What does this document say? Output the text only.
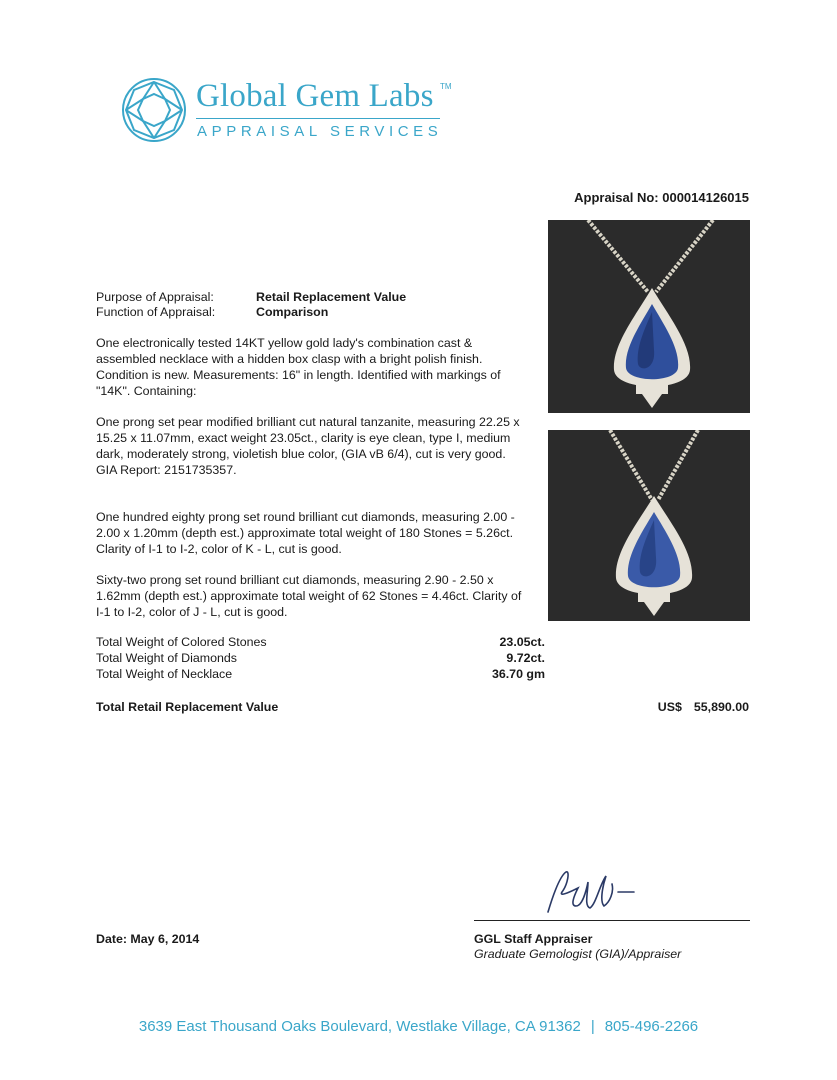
Global Gem Labs TM
APPRAISAL SERVICES
Appraisal No: 000014126015
Purpose of Appraisal:	Retail Replacement Value
Function of Appraisal:	Comparison
One electronically tested 14KT yellow gold lady's combination cast & assembled necklace with a hidden box clasp with a bright polish finish. Condition is new. Measurements: 16" in length. Identified with markings of "14K". Containing:
One prong set pear modified brilliant cut natural tanzanite, measuring 22.25 x 15.25 x 11.07mm, exact weight 23.05ct., clarity is eye clean, type I, medium dark, moderately strong, violetish blue color, (GIA vB 6/4), cut is very good. GIA Report: 2151735357.
One hundred eighty prong set round brilliant cut diamonds, measuring 2.00 - 2.00 x 1.20mm (depth est.) approximate total weight of 180 Stones = 5.26ct. Clarity of I-1 to I-2, color of K - L, cut is good.
Sixty-two prong set round brilliant cut diamonds, measuring 2.90 - 2.50 x 1.62mm (depth est.) approximate total weight of 62 Stones = 4.46ct. Clarity of I-1 to I-2, color of J - L, cut is good.
Total Weight of Colored Stones	23.05ct.
Total Weight of Diamonds	9.72ct.
Total Weight of Necklace	36.70 gm
Total Retail Replacement Value	US$ 55,890.00
Date: May 6, 2014	GGL Staff Appraiser
Graduate Gemologist (GIA)/Appraiser
3639 East Thousand Oaks Boulevard, Westlake Village, CA 91362 | 805-496-2266
